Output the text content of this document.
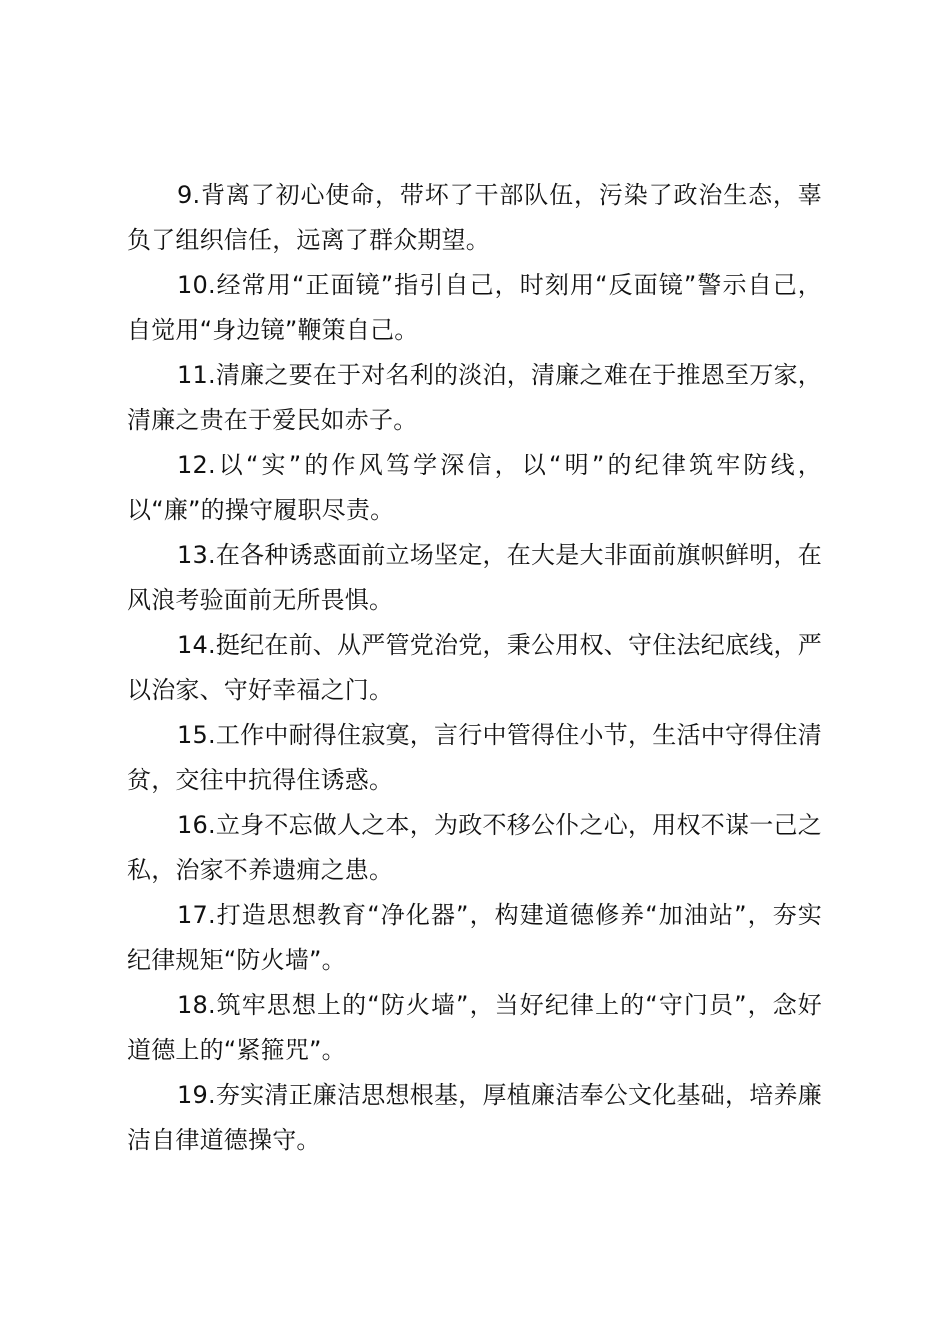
9.背离了初心使命，带坏了干部队伍，污染了政治生态，辜负了组织信任，远离了群众期望。

10.经常用“正面镜”指引自己，时刻用“反面镜”警示自己，自觉用“身边镜”鞭策自己。

11.清廉之要在于对名利的淡泊，清廉之难在于推恩至万家，清廉之贵在于爱民如赤子。

12.以“实”的作风笃学深信，以“明”的纪律筑牢防线，以“廉”的操守履职尽责。

13.在各种诱惑面前立场坚定，在大是大非面前旗帜鲜明，在风浪考验面前无所畏惧。

14.挺纪在前、从严管党治党，秉公用权、守住法纪底线，严以治家、守好幸福之门。

15.工作中耐得住寂寞，言行中管得住小节，生活中守得住清贫，交往中抗得住诱惑。

16.立身不忘做人之本，为政不移公仆之心，用权不谋一己之私，治家不养遗痈之患。

17.打造思想教育“净化器”，构建道德修养“加油站”，夯实纪律规矩“防火墙”。

18.筑牢思想上的“防火墙”，当好纪律上的“守门员”，念好道德上的“紧箍咒”。

19.夯实清正廉洁思想根基，厚植廉洁奉公文化基础，培养廉洁自律道德操守。
